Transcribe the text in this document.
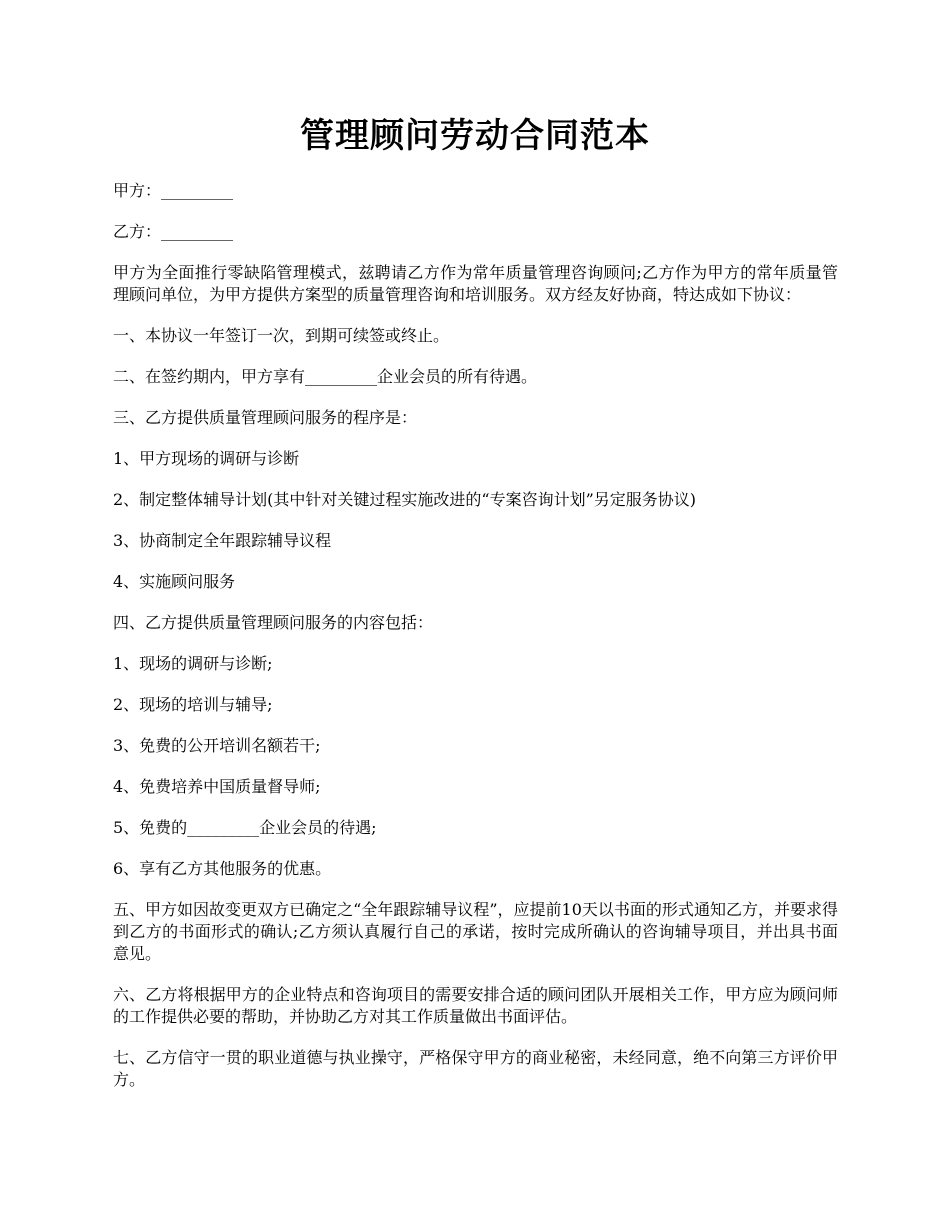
管理顾问劳动合同范本

甲方：_________

乙方：_________

甲方为全面推行零缺陷管理模式，兹聘请乙方作为常年质量管理咨询顾问;乙方作为甲方的常年质量管理顾问单位，为甲方提供方案型的质量管理咨询和培训服务。双方经友好协商，特达成如下协议：

一、本协议一年签订一次，到期可续签或终止。

二、在签约期内，甲方享有_________企业会员的所有待遇。

三、乙方提供质量管理顾问服务的程序是：

1、甲方现场的调研与诊断

2、制定整体辅导计划(其中针对关键过程实施改进的“专案咨询计划”另定服务协议)

3、协商制定全年跟踪辅导议程

4、实施顾问服务

四、乙方提供质量管理顾问服务的内容包括：

1、现场的调研与诊断;

2、现场的培训与辅导;

3、免费的公开培训名额若干;

4、免费培养中国质量督导师;

5、免费的_________企业会员的待遇;

6、享有乙方其他服务的优惠。

五、甲方如因故变更双方已确定之“全年跟踪辅导议程”，应提前10天以书面的形式通知乙方，并要求得到乙方的书面形式的确认;乙方须认真履行自己的承诺，按时完成所确认的咨询辅导项目，并出具书面意见。

六、乙方将根据甲方的企业特点和咨询项目的需要安排合适的顾问团队开展相关工作，甲方应为顾问师的工作提供必要的帮助，并协助乙方对其工作质量做出书面评估。

七、乙方信守一贯的职业道德与执业操守，严格保守甲方的商业秘密，未经同意，绝不向第三方评价甲方。
